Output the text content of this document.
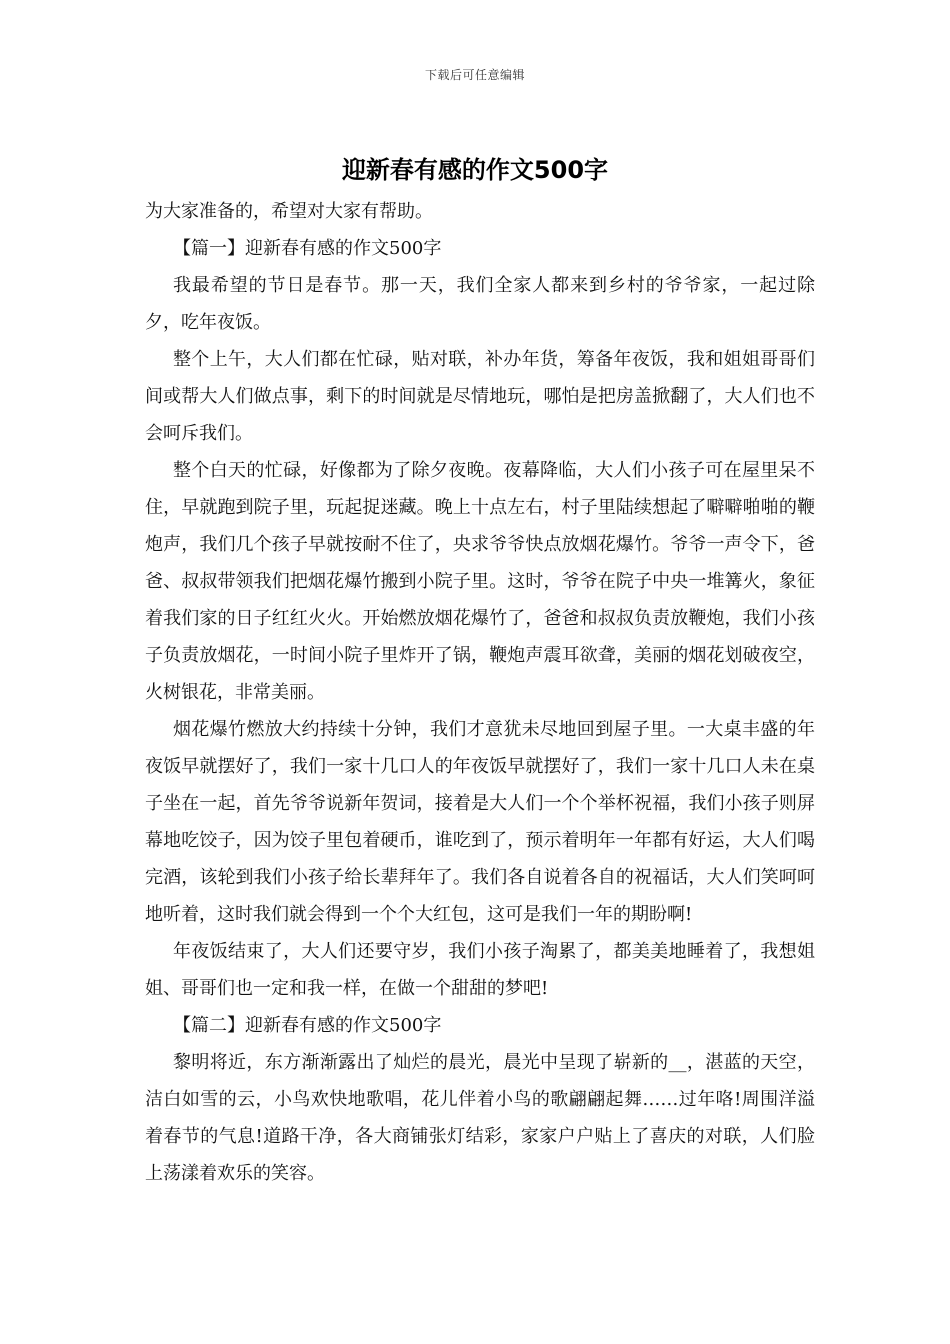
下载后可任意编辑
迎新春有感的作文500字

为大家准备的，希望对大家有帮助。

【篇一】迎新春有感的作文500字

我最希望的节日是春节。那一天，我们全家人都来到乡村的爷爷家，一起过除夕，吃年夜饭。

整个上午，大人们都在忙碌，贴对联，补办年货，筹备年夜饭，我和姐姐哥哥们间或帮大人们做点事，剩下的时间就是尽情地玩，哪怕是把房盖掀翻了，大人们也不会呵斥我们。

整个白天的忙碌，好像都为了除夕夜晚。夜幕降临，大人们小孩子可在屋里呆不住，早就跑到院子里，玩起捉迷藏。晚上十点左右，村子里陆续想起了噼噼啪啪的鞭炮声，我们几个孩子早就按耐不住了，央求爷爷快点放烟花爆竹。爷爷一声令下，爸爸、叔叔带领我们把烟花爆竹搬到小院子里。这时，爷爷在院子中央一堆篝火，象征着我们家的日子红红火火。开始燃放烟花爆竹了，爸爸和叔叔负责放鞭炮，我们小孩子负责放烟花，一时间小院子里炸开了锅，鞭炮声震耳欲聋，美丽的烟花划破夜空，火树银花，非常美丽。

烟花爆竹燃放大约持续十分钟，我们才意犹未尽地回到屋子里。一大桌丰盛的年夜饭早就摆好了，我们一家十几口人的年夜饭早就摆好了，我们一家十几口人未在桌子坐在一起，首先爷爷说新年贺词，接着是大人们一个个举杯祝福，我们小孩子则屏幕地吃饺子，因为饺子里包着硬币，谁吃到了，预示着明年一年都有好运，大人们喝完酒，该轮到我们小孩子给长辈拜年了。我们各自说着各自的祝福话，大人们笑呵呵地听着，这时我们就会得到一个个大红包，这可是我们一年的期盼啊!

年夜饭结束了，大人们还要守岁，我们小孩子淘累了，都美美地睡着了，我想姐姐、哥哥们也一定和我一样，在做一个甜甜的梦吧!

【篇二】迎新春有感的作文500字

黎明将近，东方渐渐露出了灿烂的晨光，晨光中呈现了崭新的__，湛蓝的天空，洁白如雪的云，小鸟欢快地歌唱，花儿伴着小鸟的歌翩翩起舞……过年咯!周围洋溢着春节的气息!道路干净，各大商铺张灯结彩，家家户户贴上了喜庆的对联，人们脸上荡漾着欢乐的笑容。
